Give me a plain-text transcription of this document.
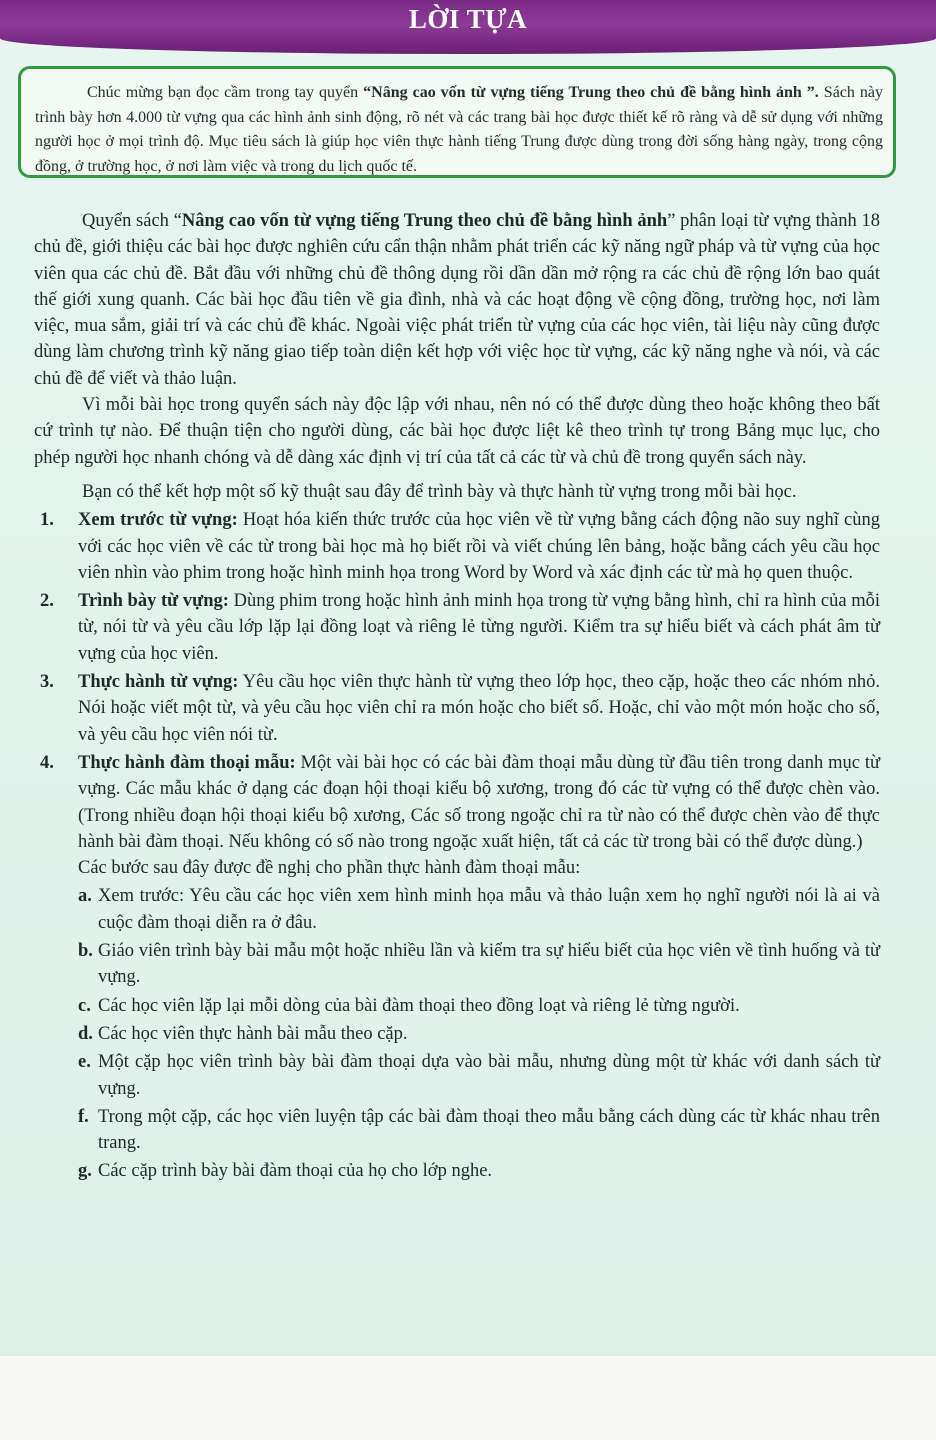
LỜI TỰA

Chúc mừng bạn đọc cầm trong tay quyển “Nâng cao vốn từ vựng tiếng Trung theo chủ đề bằng hình ảnh ”. Sách này trình bày hơn 4.000 từ vựng qua các hình ảnh sinh động, rõ nét và các trang bài học được thiết kế rõ ràng và dễ sử dụng với những người học ở mọi trình độ. Mục tiêu sách là giúp học viên thực hành tiếng Trung được dùng trong đời sống hàng ngày, trong cộng đồng, ở trường học, ở nơi làm việc và trong du lịch quốc tế.

Quyển sách “Nâng cao vốn từ vựng tiếng Trung theo chủ đề bằng hình ảnh” phân loại từ vựng thành 18 chủ đề, giới thiệu các bài học được nghiên cứu cẩn thận nhằm phát triển các kỹ năng ngữ pháp và từ vựng của học viên qua các chủ đề. Bắt đầu với những chủ đề thông dụng rồi dần dần mở rộng ra các chủ đề rộng lớn bao quát thế giới xung quanh. Các bài học đầu tiên về gia đình, nhà và các hoạt động về cộng đồng, trường học, nơi làm việc, mua sắm, giải trí và các chủ đề khác. Ngoài việc phát triển từ vựng của các học viên, tài liệu này cũng được dùng làm chương trình kỹ năng giao tiếp toàn diện kết hợp với việc học từ vựng, các kỹ năng nghe và nói, và các chủ đề để viết và thảo luận.

Vì mỗi bài học trong quyển sách này độc lập với nhau, nên nó có thể được dùng theo hoặc không theo bất cứ trình tự nào. Để thuận tiện cho người dùng, các bài học được liệt kê theo trình tự trong Bảng mục lục, cho phép người học nhanh chóng và dễ dàng xác định vị trí của tất cả các từ và chủ đề trong quyển sách này.

Bạn có thể kết hợp một số kỹ thuật sau đây để trình bày và thực hành từ vựng trong mỗi bài học.

1. Xem trước từ vựng: Hoạt hóa kiến thức trước của học viên về từ vựng bằng cách động não suy nghĩ cùng với các học viên về các từ trong bài học mà họ biết rồi và viết chúng lên bảng, hoặc bằng cách yêu cầu học viên nhìn vào phim trong hoặc hình minh họa trong Word by Word và xác định các từ mà họ quen thuộc.
2. Trình bày từ vựng: Dùng phim trong hoặc hình ảnh minh họa trong từ vựng bằng hình, chỉ ra hình của mỗi từ, nói từ và yêu cầu lớp lặp lại đồng loạt và riêng lẻ từng người. Kiểm tra sự hiểu biết và cách phát âm từ vựng của học viên.
3. Thực hành từ vựng: Yêu cầu học viên thực hành từ vựng theo lớp học, theo cặp, hoặc theo các nhóm nhỏ. Nói hoặc viết một từ, và yêu cầu học viên chỉ ra món hoặc cho biết số. Hoặc, chỉ vào một món hoặc cho số, và yêu cầu học viên nói từ.
4. Thực hành đàm thoại mẫu: Một vài bài học có các bài đàm thoại mẫu dùng từ đầu tiên trong danh mục từ vựng. Các mẫu khác ở dạng các đoạn hội thoại kiểu bộ xương, trong đó các từ vựng có thể được chèn vào. (Trong nhiều đoạn hội thoại kiểu bộ xương, Các số trong ngoặc chỉ ra từ nào có thể được chèn vào để thực hành bài đàm thoại. Nếu không có số nào trong ngoặc xuất hiện, tất cả các từ trong bài có thể được dùng.)

Các bước sau đây được đề nghị cho phần thực hành đàm thoại mẫu:

a. Xem trước: Yêu cầu các học viên xem hình minh họa mẫu và thảo luận xem họ nghĩ người nói là ai và cuộc đàm thoại diễn ra ở đâu.
b. Giáo viên trình bày bài mẫu một hoặc nhiều lần và kiểm tra sự hiểu biết của học viên về tình huống và từ vựng.
c. Các học viên lặp lại mỗi dòng của bài đàm thoại theo đồng loạt và riêng lẻ từng người.
d. Các học viên thực hành bài mẫu theo cặp.
e. Một cặp học viên trình bày bài đàm thoại dựa vào bài mẫu, nhưng dùng một từ khác với danh sách từ vựng.
f. Trong một cặp, các học viên luyện tập các bài đàm thoại theo mẫu bằng cách dùng các từ khác nhau trên trang.
g. Các cặp trình bày bài đàm thoại của họ cho lớp nghe.
